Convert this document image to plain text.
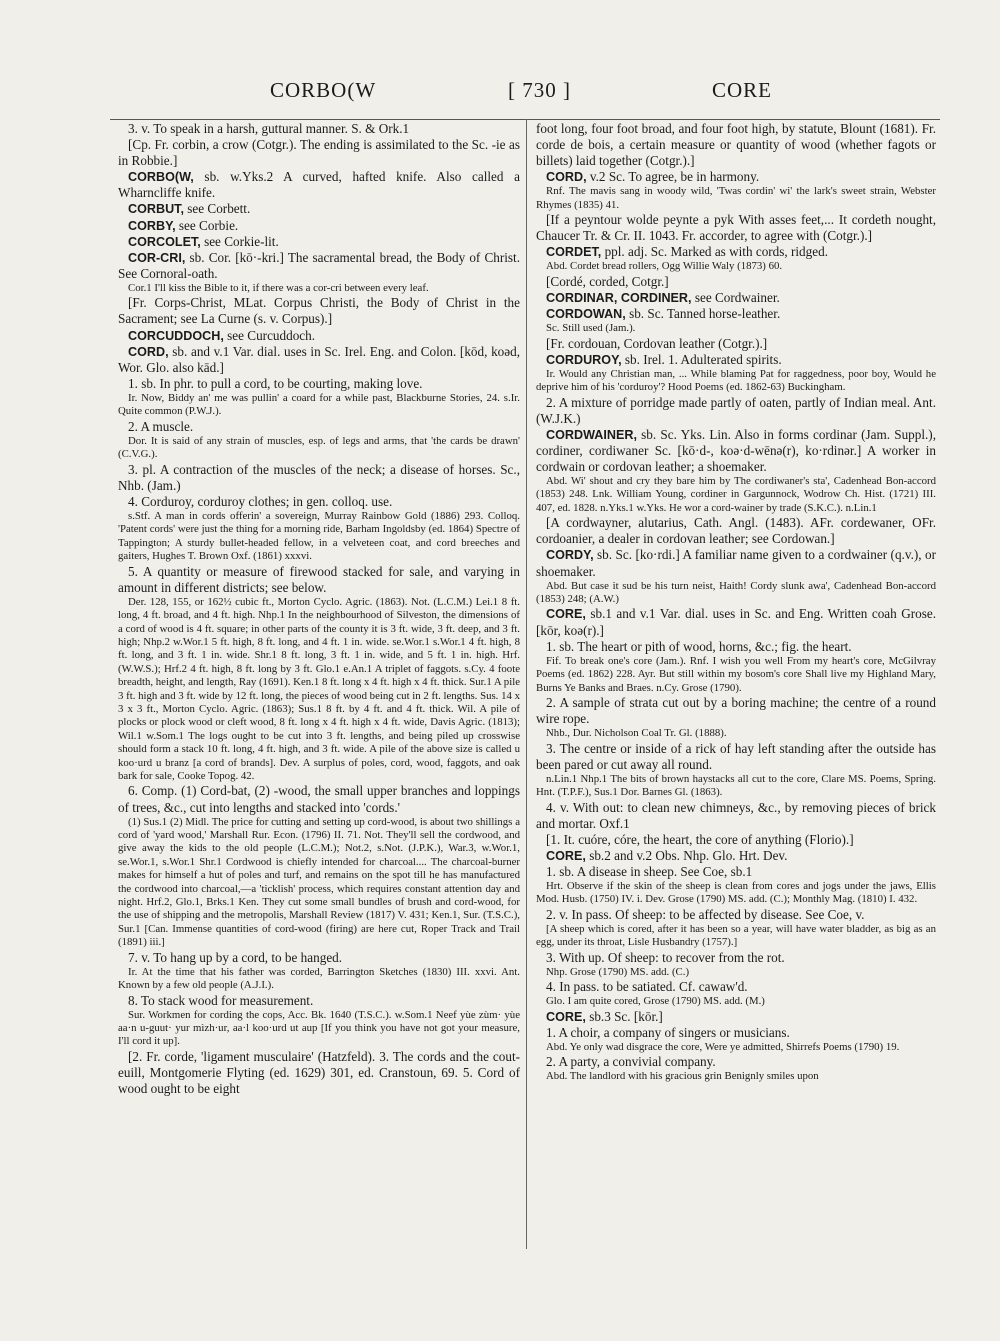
CORBO(W	[ 730 ]	CORE

3. v. To speak in a harsh, guttural manner. S. & Ork.1

[Cp. Fr. corbin, a crow (Cotgr.). The ending is assimilated to the Sc. -ie as in Robbie.]

CORBO(W, sb. w.Yks.2 A curved, hafted knife. Also called a Wharncliffe knife.

CORBUT, see Corbett.

CORBY, see Corbie.

CORCOLET, see Corkie-lit.

COR-CRI, sb. Cor. [kō·-kri.] The sacramental bread, the Body of Christ. See Cornoral-oath.

Cor.1 I'll kiss the Bible to it, if there was a cor-cri between every leaf.

[Fr. Corps-Christ, MLat. Corpus Christi, the Body of Christ in the Sacrament; see La Curne (s. v. Corpus).]

CORCUDDOCH, see Curcuddoch.

CORD, sb. and v.1 Var. dial. uses in Sc. Irel. Eng. and Colon. [kōd, koəd, Wor. Glo. also kād.]

1. sb. In phr. to pull a cord, to be courting, making love.

Ir. Now, Biddy an' me was pullin' a coard for a while past, Blackburne Stories, 24. s.Ir. Quite common (P.W.J.).

2. A muscle.

Dor. It is said of any strain of muscles, esp. of legs and arms, that 'the cards be drawn' (C.V.G.).

3. pl. A contraction of the muscles of the neck; a disease of horses. Sc., Nhb. (Jam.)

4. Corduroy, corduroy clothes; in gen. colloq. use.

s.Stf. A man in cords offerin' a sovereign, Murray Rainbow Gold (1886) 293. Colloq. 'Patent cords' were just the thing for a morning ride, Barham Ingoldsby (ed. 1864) Spectre of Tappington; A sturdy bullet-headed fellow, in a velveteen coat, and cord breeches and gaiters, Hughes T. Brown Oxf. (1861) xxxvi.

5. A quantity or measure of firewood stacked for sale, and varying in amount in different districts; see below.

Der. 128, 155, or 162½ cubic ft., Morton Cyclo. Agric. (1863). Not. (L.C.M.) Lei.1 8 ft. long, 4 ft. broad, and 4 ft. high. Nhp.1 In the neighbourhood of Silveston, the dimensions of a cord of wood is 4 ft. square; in other parts of the county it is 3 ft. wide, 3 ft. deep, and 3 ft. high; Nhp.2 w.Wor.1 5 ft. high, 8 ft. long, and 4 ft. 1 in. wide. se.Wor.1 s.Wor.1 4 ft. high, 8 ft. long, and 3 ft. 1 in. wide. Shr.1 8 ft. long, 3 ft. 1 in. wide, and 5 ft. 1 in. high. Hrf. (W.W.S.); Hrf.2 4 ft. high, 8 ft. long by 3 ft. Glo.1 e.An.1 A triplet of faggots. s.Cy. 4 foote breadth, height, and length, Ray (1691). Ken.1 8 ft. long x 4 ft. high x 4 ft. thick. Sur.1 A pile 3 ft. high and 3 ft. wide by 12 ft. long, the pieces of wood being cut in 2 ft. lengths. Sus. 14 x 3 x 3 ft., Morton Cyclo. Agric. (1863); Sus.1 8 ft. by 4 ft. and 4 ft. thick. Wil. A pile of plocks or plock wood or cleft wood, 8 ft. long x 4 ft. high x 4 ft. wide, Davis Agric. (1813); Wil.1 w.Som.1 The logs ought to be cut into 3 ft. lengths, and being piled up crosswise should form a stack 10 ft. long, 4 ft. high, and 3 ft. wide. A pile of the above size is called u koo·urd u branz [a cord of brands]. Dev. A surplus of poles, cord, wood, faggots, and oak bark for sale, Cooke Topog. 42.

6. Comp. (1) Cord-bat, (2) -wood, the small upper branches and loppings of trees, &c., cut into lengths and stacked into 'cords.'

(1) Sus.1 (2) Midl. The price for cutting and setting up cord-wood, is about two shillings a cord of 'yard wood,' Marshall Rur. Econ. (1796) II. 71. Not. They'll sell the cordwood, and give away the kids to the old people (L.C.M.); Not.2, s.Not. (J.P.K.), War.3, w.Wor.1, se.Wor.1, s.Wor.1 Shr.1 Cordwood is chiefly intended for charcoal.... The charcoal-burner makes for himself a hut of poles and turf, and remains on the spot till he has manufactured the cordwood into charcoal,—a 'ticklish' process, which requires constant attention day and night. Hrf.2, Glo.1, Brks.1 Ken. They cut some small bundles of brush and cord-wood, for the use of shipping and the metropolis, Marshall Review (1817) V. 431; Ken.1, Sur. (T.S.C.), Sur.1 [Can. Immense quantities of cord-wood (firing) are here cut, Roper Track and Trail (1891) iii.]

7. v. To hang up by a cord, to be hanged.

Ir. At the time that his father was corded, Barrington Sketches (1830) III. xxvi. Ant. Known by a few old people (A.J.I.).

8. To stack wood for measurement.

Sur. Workmen for cording the cops, Acc. Bk. 1640 (T.S.C.). w.Som.1 Neef yùe zùm· yùe aa·n u-guut· yur mìzh·ur, aa·l koo·urd ut aup [If you think you have not got your measure, I'll cord it up].

[2. Fr. corde, 'ligament musculaire' (Hatzfeld). 3. The cords and the cout-euill, Montgomerie Flyting (ed. 1629) 301, ed. Cranstoun, 69. 5. Cord of wood ought to be eight

foot long, four foot broad, and four foot high, by statute, Blount (1681). Fr. corde de bois, a certain measure or quantity of wood (whether fagots or billets) laid together (Cotgr.).]

CORD, v.2 Sc. To agree, be in harmony.

Rnf. The mavis sang in woody wild, 'Twas cordin' wi' the lark's sweet strain, Webster Rhymes (1835) 41.

[If a peyntour wolde peynte a pyk With asses feet,... It cordeth nought, Chaucer Tr. & Cr. II. 1043. Fr. accorder, to agree with (Cotgr.).]

CORDET, ppl. adj. Sc. Marked as with cords, ridged.

Abd. Cordet bread rollers, Ogg Willie Waly (1873) 60.

[Cordé, corded, Cotgr.]

CORDINAR, CORDINER, see Cordwainer.

CORDOWAN, sb. Sc. Tanned horse-leather.

Sc. Still used (Jam.).

[Fr. cordouan, Cordovan leather (Cotgr.).]

CORDUROY, sb. Irel. 1. Adulterated spirits.

Ir. Would any Christian man, ... While blaming Pat for raggedness, poor boy, Would he deprive him of his 'corduroy'? Hood Poems (ed. 1862-63) Buckingham.

2. A mixture of porridge made partly of oaten, partly of Indian meal. Ant. (W.J.K.)

CORDWAINER, sb. Sc. Yks. Lin. Also in forms cordinar (Jam. Suppl.), cordiner, cordiwaner Sc. [kō·d-, koə·d-wēnə(r), ko·rdinər.] A worker in cordwain or cordovan leather; a shoemaker.

Abd. Wi' shout and cry they bare him by The cordiwaner's sta', Cadenhead Bon-accord (1853) 248. Lnk. William Young, cordiner in Gargunnock, Wodrow Ch. Hist. (1721) III. 407, ed. 1828. n.Yks.1 w.Yks. He wor a cord-wainer by trade (S.K.C.). n.Lin.1

[A cordwayner, alutarius, Cath. Angl. (1483). AFr. cordewaner, OFr. cordoanier, a dealer in cordovan leather; see Cordowan.]

CORDY, sb. Sc. [ko·rdi.] A familiar name given to a cordwainer (q.v.), or shoemaker.

Abd. But case it sud be his turn neist, Haith! Cordy slunk awa', Cadenhead Bon-accord (1853) 248; (A.W.)

CORE, sb.1 and v.1 Var. dial. uses in Sc. and Eng. Written coah Grose. [kōr, koə(r).]

1. sb. The heart or pith of wood, horns, &c.; fig. the heart.

Fif. To break one's core (Jam.). Rnf. I wish you well From my heart's core, McGilvray Poems (ed. 1862) 228. Ayr. But still within my bosom's core Shall live my Highland Mary, Burns Ye Banks and Braes. n.Cy. Grose (1790).

2. A sample of strata cut out by a boring machine; the centre of a round wire rope.

Nhb., Dur. Nicholson Coal Tr. Gl. (1888).

3. The centre or inside of a rick of hay left standing after the outside has been pared or cut away all round.

n.Lin.1 Nhp.1 The bits of brown haystacks all cut to the core, Clare MS. Poems, Spring. Hnt. (T.P.F.), Sus.1 Dor. Barnes Gl. (1863).

4. v. With out: to clean new chimneys, &c., by removing pieces of brick and mortar. Oxf.1

[1. It. cuóre, córe, the heart, the core of anything (Florio).]

CORE, sb.2 and v.2 Obs. Nhp. Glo. Hrt. Dev.

1. sb. A disease in sheep. See Coe, sb.1

Hrt. Observe if the skin of the sheep is clean from cores and jogs under the jaws, Ellis Mod. Husb. (1750) IV. i. Dev. Grose (1790) MS. add. (C.); Monthly Mag. (1810) I. 432.

2. v. In pass. Of sheep: to be affected by disease. See Coe, v.

[A sheep which is cored, after it has been so a year, will have water bladder, as big as an egg, under its throat, Lisle Husbandry (1757).]

3. With up. Of sheep: to recover from the rot.

Nhp. Grose (1790) MS. add. (C.)

4. In pass. to be satiated. Cf. cawaw'd.

Glo. I am quite cored, Grose (1790) MS. add. (M.)

CORE, sb.3 Sc. [kōr.]

1. A choir, a company of singers or musicians.

Abd. Ye only wad disgrace the core, Were ye admitted, Shirrefs Poems (1790) 19.

2. A party, a convivial company.

Abd. The landlord with his gracious grin Benignly smiles upon
